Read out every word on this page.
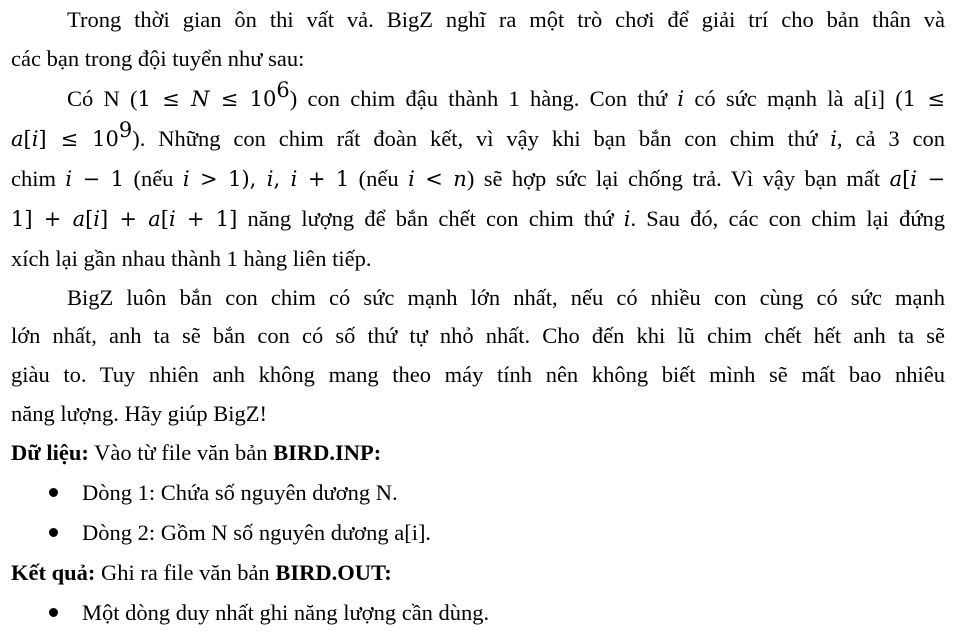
Trong thời gian ôn thi vất vả. BigZ nghĩ ra một trò chơi để giải trí cho bản thân và
các bạn trong đội tuyển như sau:
Có N (1 ≤ 𝑁 ≤ $10^6$) con chim đậu thành 1 hàng. Con thứ 𝑖 có sức mạnh là a[i] (1 ≤
𝑎[𝑖] ≤ $10^9$). Những con chim rất đoàn kết, vì vậy khi bạn bắn con chim thứ 𝑖, cả 3 con
chim 𝑖 − 1 (nếu 𝑖 > 1), 𝑖, 𝑖 + 1 (nếu 𝑖 < 𝑛) sẽ hợp sức lại chống trả. Vì vậy bạn mất 𝑎[𝑖 −
1] + 𝑎[𝑖] + 𝑎[𝑖 + 1] năng lượng để bắn chết con chim thứ 𝑖. Sau đó, các con chim lại đứng
xích lại gần nhau thành 1 hàng liên tiếp.
BigZ luôn bắn con chim có sức mạnh lớn nhất, nếu có nhiều con cùng có sức mạnh
lớn nhất, anh ta sẽ bắn con có số thứ tự nhỏ nhất. Cho đến khi lũ chim chết hết anh ta sẽ
giàu to. Tuy nhiên anh không mang theo máy tính nên không biết mình sẽ mất bao nhiêu
năng lượng. Hãy giúp BigZ!
Dữ liệu: Vào từ file văn bản BIRD.INP:
Dòng 1: Chứa số nguyên dương N.
Dòng 2: Gồm N số nguyên dương a[i].
Kết quả: Ghi ra file văn bản BIRD.OUT:
Một dòng duy nhất ghi năng lượng cần dùng.
